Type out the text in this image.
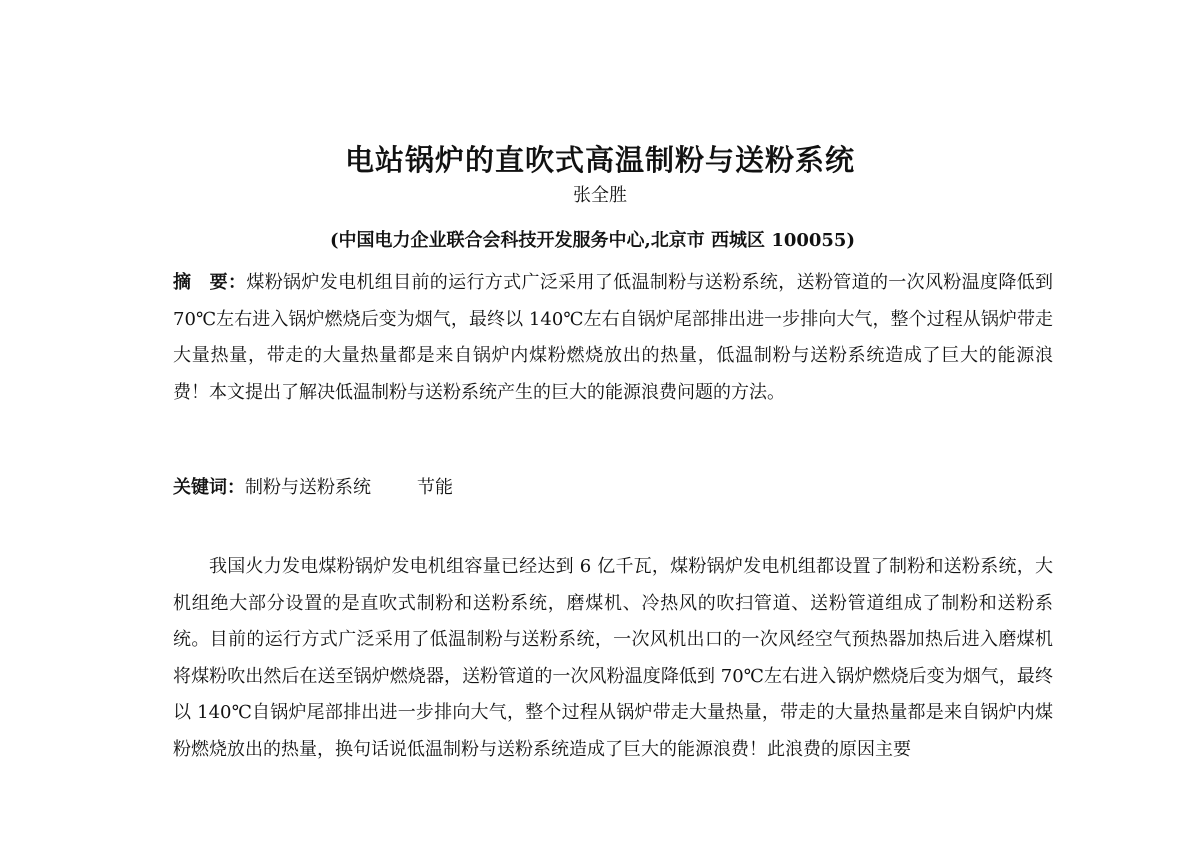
电站锅炉的直吹式高温制粉与送粉系统
张全胜
(中国电力企业联合会科技开发服务中心,北京市 西城区 100055)
摘　要：煤粉锅炉发电机组目前的运行方式广泛采用了低温制粉与送粉系统，送粉管道的一次风粉温度降低到 70℃左右进入锅炉燃烧后变为烟气，最终以 140℃左右自锅炉尾部排出进一步排向大气，整个过程从锅炉带走大量热量，带走的大量热量都是来自锅炉内煤粉燃烧放出的热量，低温制粉与送粉系统造成了巨大的能源浪费！本文提出了解决低温制粉与送粉系统产生的巨大的能源浪费问题的方法。
关键词：制粉与送粉系统	节能
我国火力发电煤粉锅炉发电机组容量已经达到 6 亿千瓦，煤粉锅炉发电机组都设置了制粉和送粉系统，大机组绝大部分设置的是直吹式制粉和送粉系统，磨煤机、冷热风的吹扫管道、送粉管道组成了制粉和送粉系统。目前的运行方式广泛采用了低温制粉与送粉系统，一次风机出口的一次风经空气预热器加热后进入磨煤机将煤粉吹出然后在送至锅炉燃烧器，送粉管道的一次风粉温度降低到 70℃左右进入锅炉燃烧后变为烟气，最终以 140℃自锅炉尾部排出进一步排向大气，整个过程从锅炉带走大量热量，带走的大量热量都是来自锅炉内煤粉燃烧放出的热量，换句话说低温制粉与送粉系统造成了巨大的能源浪费！此浪费的原因主要
